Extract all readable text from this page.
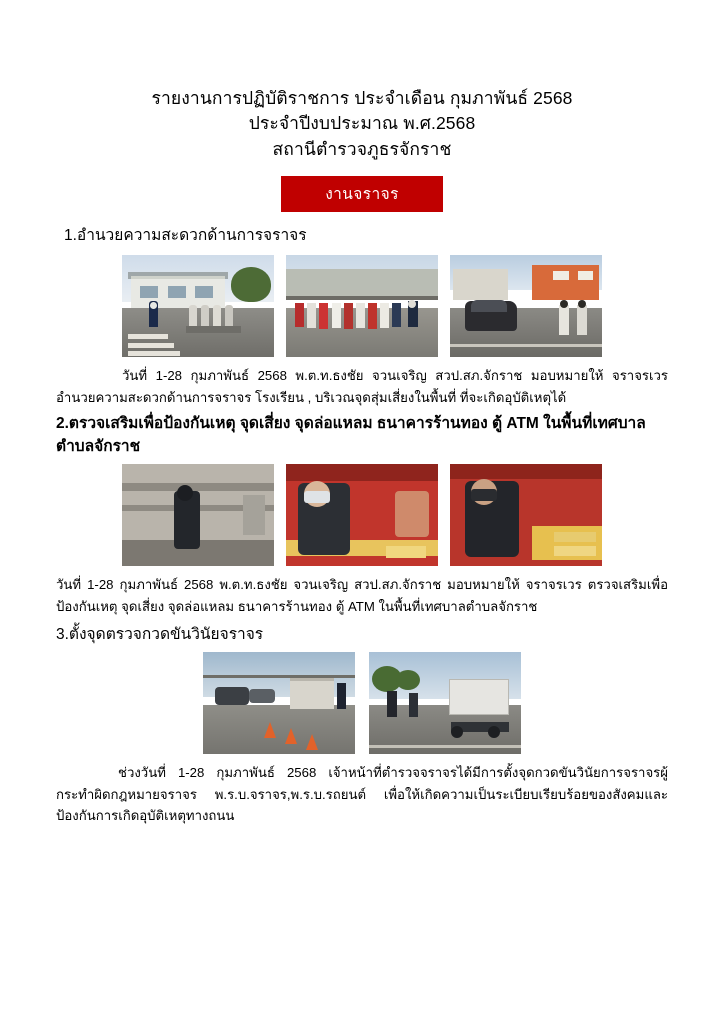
รายงานการปฏิบัติราชการ ประจำเดือน กุมภาพันธ์ 2568
ประจำปีงบประมาณ พ.ศ.2568
สถานีตำรวจภูธรจักราช
งานจราจร
1.อำนวยความสะดวกด้านการจราจร
วันที่ 1-28 กุมภาพันธ์ 2568 พ.ต.ท.ธงชัย จวนเจริญ สวป.สภ.จักราช มอบหมายให้ จราจรเวร อำนวยความสะดวกด้านการจราจร โรงเรียน , บริเวณจุดสุ่มเสี่ยงในพื้นที่ ที่จะเกิดอุบัติเหตุได้
2.ตรวจเสริมเพื่อป้องกันเหตุ จุดเสี่ยง จุดล่อแหลม ธนาคารร้านทอง ตู้ ATM ในพื้นที่เทศบาลตำบลจักราช
วันที่ 1-28 กุมภาพันธ์ 2568 พ.ต.ท.ธงชัย จวนเจริญ สวป.สภ.จักราช มอบหมายให้ จราจรเวร ตรวจเสริมเพื่อป้องกันเหตุ จุดเสี่ยง จุดล่อแหลม ธนาคารร้านทอง ตู้ ATM ในพื้นที่เทศบาลตำบลจักราช
3.ตั้งจุดตรวจกวดขันวินัยจราจร
ช่วงวันที่ 1-28 กุมภาพันธ์ 2568 เจ้าหน้าที่ตำรวจจราจรได้มีการตั้งจุดกวดขันวินัยการจราจรผู้กระทำผิดกฎหมายจราจร พ.ร.บ.จราจร,พ.ร.บ.รถยนต์ เพื่อให้เกิดความเป็นระเบียบเรียบร้อยของสังคมและป้องกันการเกิดอุบัติเหตุทางถนน
